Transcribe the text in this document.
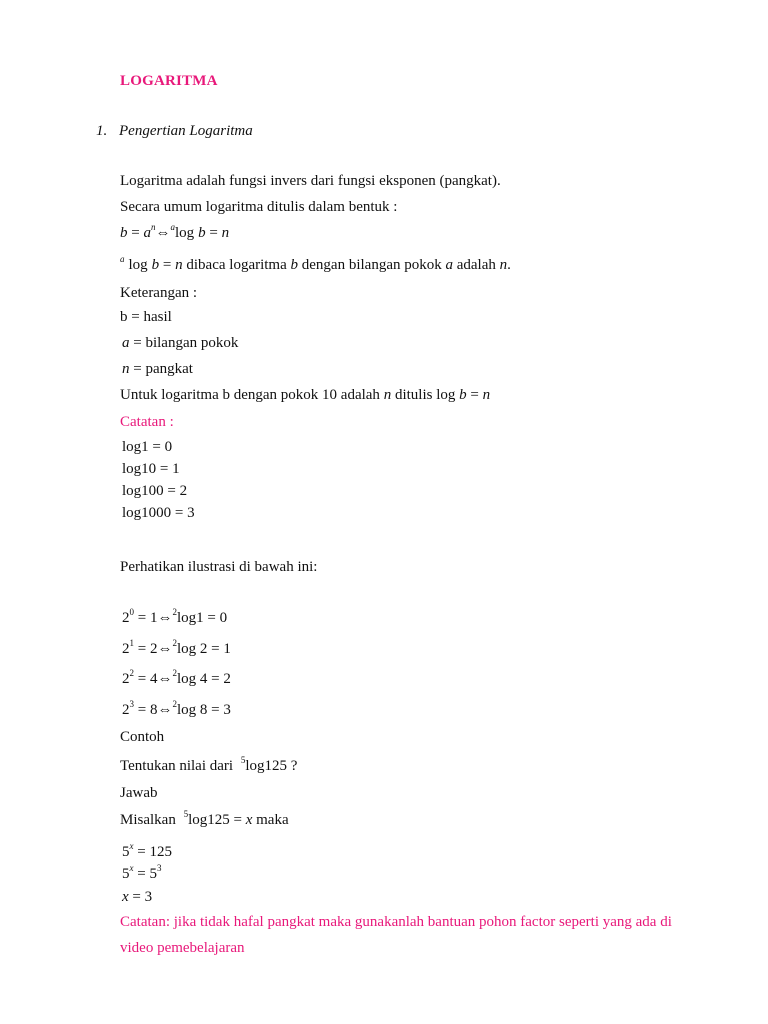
LOGARITMA
1. Pengertian Logaritma
Logaritma adalah fungsi invers dari fungsi eksponen (pangkat).
Secara umum logaritma ditulis dalam bentuk :
$b = a^n\Leftrightarrow^a\log$ b = n
$^a$ log b = n dibaca logaritma b dengan bilangan pokok a adalah n.
Keterangan :
b = hasil
a = bilangan pokok
n = pangkat
Untuk logaritma b dengan pokok 10 adalah n ditulis log b = n
Catatan :
log1 = 0
log10 = 1
log100 = 2
log1000 = 3
Perhatikan ilustrasi di bawah ini:
$2^0$ = 1⇔$^2$log1 = 0
$2^1$ = 2⇔$^2$log 2 = 1
$2^2$ = 4⇔$^2$log 4 = 2
$2^3$ = 8⇔$^2$log 8 = 3
Contoh
Tentukan nilai dari $^5$log125 ?
Jawab
Misalkan $^5$log125 = x maka
$5^x = 125$
$5^x = 5^3$
x = 3
Catatan: jika tidak hafal pangkat maka gunakanlah bantuan pohon factor seperti yang ada di
video pemebelajaran
